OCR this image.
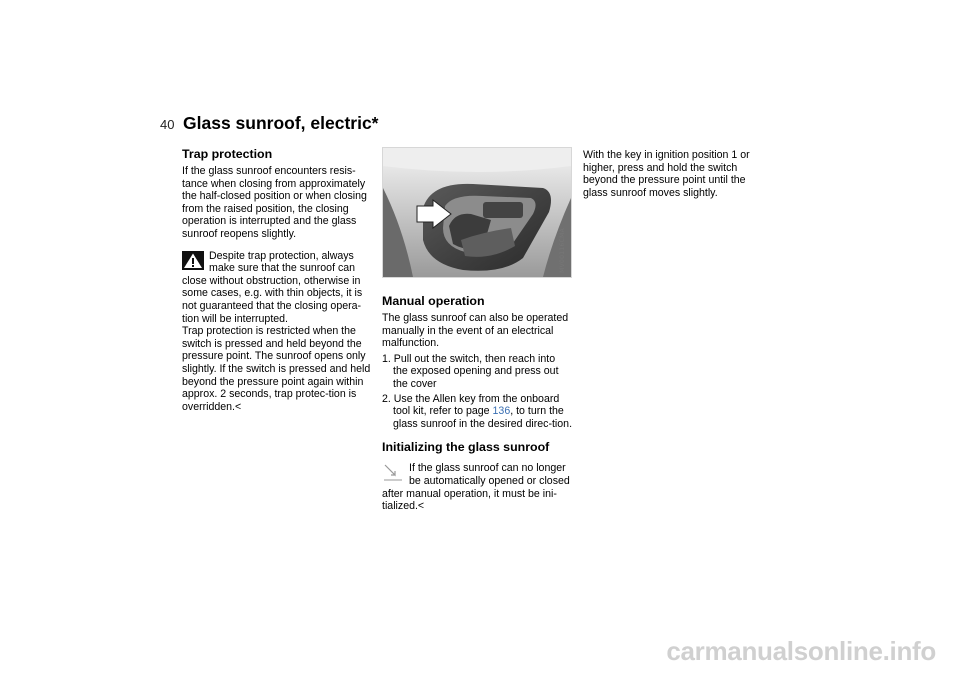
40 Glass sunroof, electric*
Trap protection

If the glass sunroof encounters resis-tance when closing from approximately the half-closed position or when closing from the raised position, the closing operation is interrupted and the glass sunroof reopens slightly.

Despite trap protection, always make sure that the sunroof can

close without obstruction, otherwise in some cases, e.g. with thin objects, it is not guaranteed that the closing opera-tion will be interrupted.

Trap protection is restricted when the switch is pressed and held beyond the pressure point. The sunroof opens only slightly. If the switch is pressed and held beyond the pressure point again within approx. 2 seconds, trap protec-tion is overridden.<

MV00116CMA
Manual operation

The glass sunroof can also be operated manually in the event of an electrical malfunction.

1. Pull out the switch, then reach into the exposed opening and press out the cover
2. Use the Allen key from the onboard tool kit, refer to page 136, to turn the glass sunroof in the desired direc-tion.
Initializing the glass sunroof

If the glass sunroof can no longer be automatically opened or closed

after manual operation, it must be ini-tialized.<

With the key in ignition position 1 or higher, press and hold the switch beyond the pressure point until the glass sunroof moves slightly.

carmanualsonline.info
